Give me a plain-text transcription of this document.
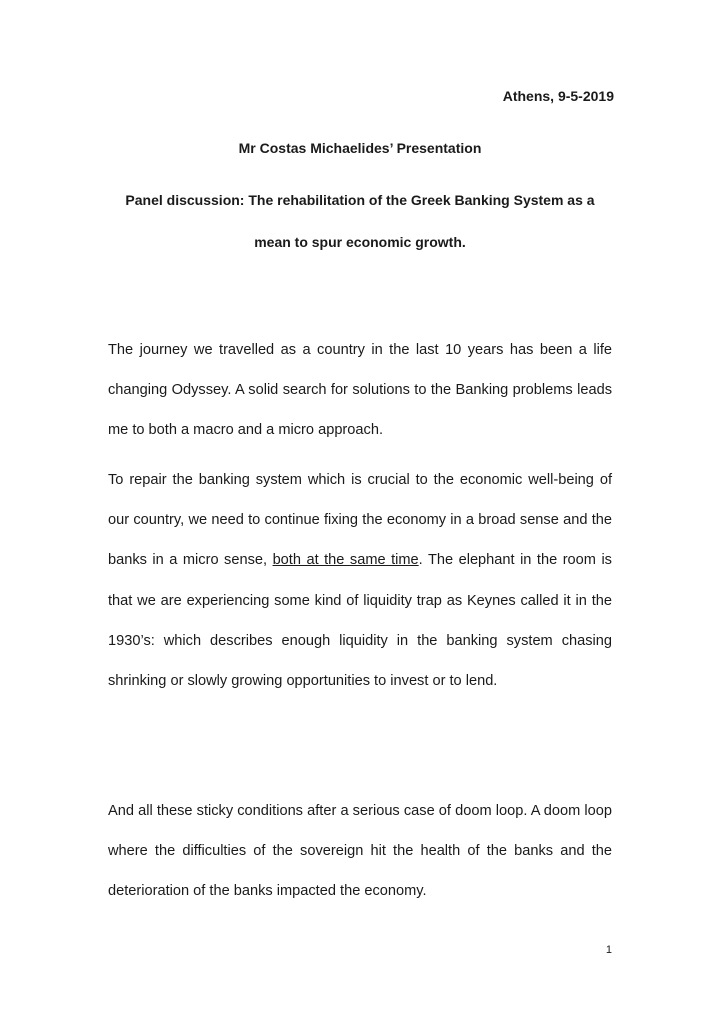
Athens, 9-5-2019
Mr Costas Michaelides’ Presentation
Panel discussion: The rehabilitation of the Greek Banking System as a
mean to spur economic growth.

The journey we travelled as a country in the last 10 years has been a life changing Odyssey. A solid search for solutions to the Banking problems leads me to both a macro and a micro approach.

To repair the banking system which is crucial to the economic well-being of our country, we need to continue fixing the economy in a broad sense and the banks in a micro sense, both at the same time. The elephant in the room is that we are experiencing some kind of liquidity trap as Keynes called it in the 1930’s: which describes enough liquidity in the banking system chasing shrinking or slowly growing opportunities to invest or to lend.

And all these sticky conditions after a serious case of doom loop. A doom loop where the difficulties of the sovereign hit the health of the banks and the deterioration of the banks impacted the economy.

1
